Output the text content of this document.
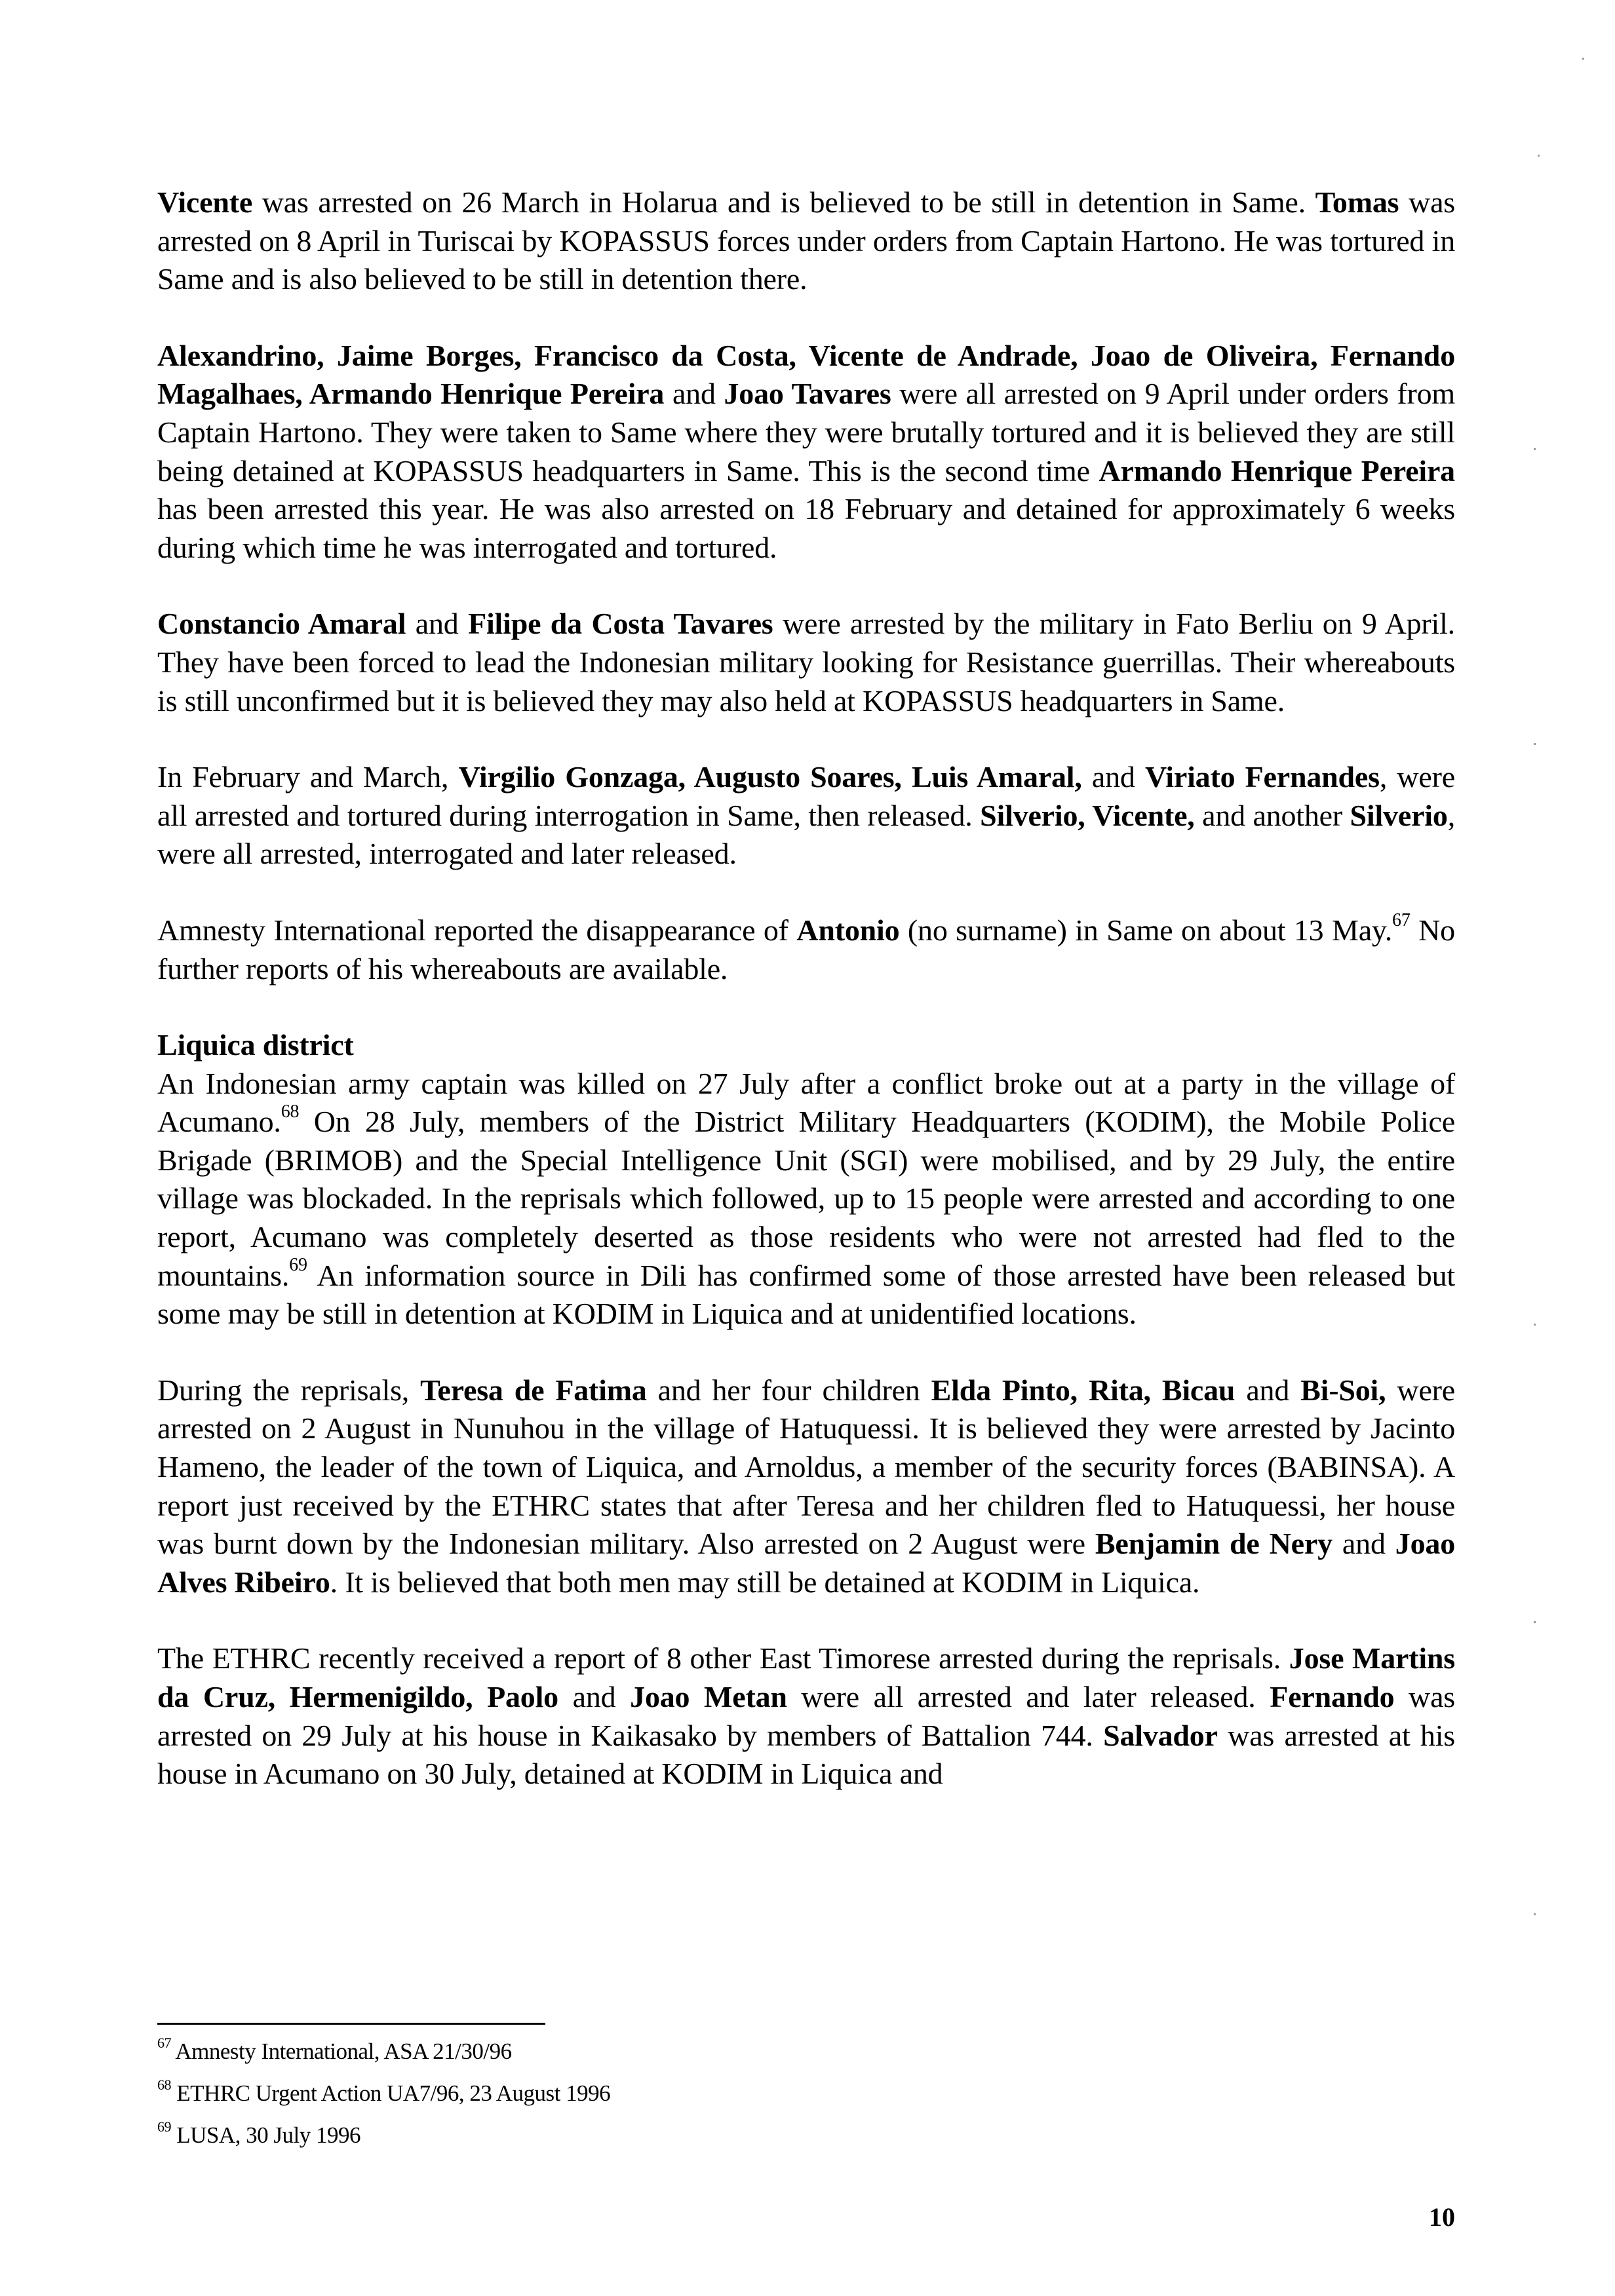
Vicente was arrested on 26 March in Holarua and is believed to be still in detention in Same. Tomas was arrested on 8 April in Turiscai by KOPASSUS forces under orders from Captain Hartono. He was tortured in Same and is also believed to be still in detention there.

Alexandrino, Jaime Borges, Francisco da Costa, Vicente de Andrade, Joao de Oliveira, Fernando Magalhaes, Armando Henrique Pereira and Joao Tavares were all arrested on 9 April under orders from Captain Hartono. They were taken to Same where they were brutally tortured and it is believed they are still being detained at KOPASSUS headquarters in Same. This is the second time Armando Henrique Pereira has been arrested this year. He was also arrested on 18 February and detained for approximately 6 weeks during which time he was interrogated and tortured.

Constancio Amaral and Filipe da Costa Tavares were arrested by the military in Fato Berliu on 9 April. They have been forced to lead the Indonesian military looking for Resistance guerrillas. Their whereabouts is still unconfirmed but it is believed they may also held at KOPASSUS headquarters in Same.

In February and March, Virgilio Gonzaga, Augusto Soares, Luis Amaral, and Viriato Fernandes, were all arrested and tortured during interrogation in Same, then released. Silverio, Vicente, and another Silverio, were all arrested, interrogated and later released.

Amnesty International reported the disappearance of Antonio (no surname) in Same on about 13 May.$^{67}$ No further reports of his whereabouts are available.

Liquica district

An Indonesian army captain was killed on 27 July after a conflict broke out at a party in the village of Acumano.$^{68}$ On 28 July, members of the District Military Headquarters (KODIM), the Mobile Police Brigade (BRIMOB) and the Special Intelligence Unit (SGI) were mobilised, and by 29 July, the entire village was blockaded. In the reprisals which followed, up to 15 people were arrested and according to one report, Acumano was completely deserted as those residents who were not arrested had fled to the mountains.$^{69}$ An information source in Dili has confirmed some of those arrested have been released but some may be still in detention at KODIM in Liquica and at unidentified locations.

During the reprisals, Teresa de Fatima and her four children Elda Pinto, Rita, Bicau and Bi-Soi, were arrested on 2 August in Nunuhou in the village of Hatuquessi. It is believed they were arrested by Jacinto Hameno, the leader of the town of Liquica, and Arnoldus, a member of the security forces (BABINSA). A report just received by the ETHRC states that after Teresa and her children fled to Hatuquessi, her house was burnt down by the Indonesian military. Also arrested on 2 August were Benjamin de Nery and Joao Alves Ribeiro. It is believed that both men may still be detained at KODIM in Liquica.

The ETHRC recently received a report of 8 other East Timorese arrested during the reprisals. Jose Martins da Cruz, Hermenigildo, Paolo and Joao Metan were all arrested and later released. Fernando was arrested on 29 July at his house in Kaikasako by members of Battalion 744. Salvador was arrested at his house in Acumano on 30 July, detained at KODIM in Liquica and

$^{67}$ Amnesty International, ASA 21/30/96

$^{68}$ ETHRC Urgent Action UA7/96, 23 August 1996

$^{69}$ LUSA, 30 July 1996

10
